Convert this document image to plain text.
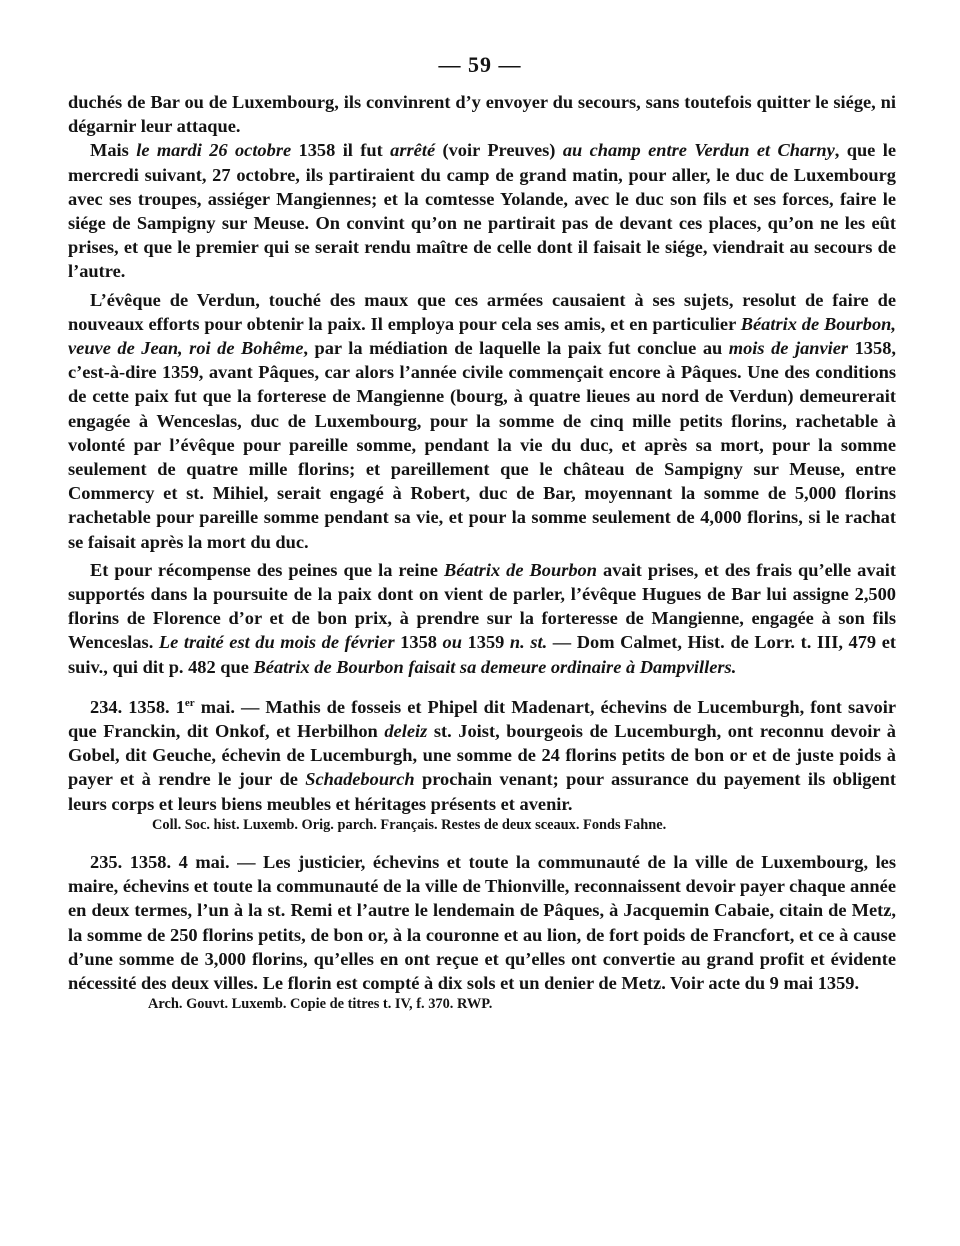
— 59 —

duchés de Bar ou de Luxembourg, ils convinrent d’y envoyer du secours, sans toutefois quitter le siége, ni dégarnir leur attaque.

Mais le mardi 26 octobre 1358 il fut arrêté (voir Preuves) au champ entre Verdun et Charny, que le mercredi suivant, 27 octobre, ils partiraient du camp de grand matin, pour aller, le duc de Luxembourg avec ses troupes, assiéger Mangiennes; et la comtesse Yolande, avec le duc son fils et ses forces, faire le siége de Sampigny sur Meuse. On convint qu’on ne partirait pas de devant ces places, qu’on ne les eût prises, et que le premier qui se serait rendu maître de celle dont il faisait le siége, viendrait au secours de l’autre.

L’évêque de Verdun, touché des maux que ces armées causaient à ses sujets, resolut de faire de nouveaux efforts pour obtenir la paix. Il employa pour cela ses amis, et en particulier Béatrix de Bourbon, veuve de Jean, roi de Bohême, par la médiation de laquelle la paix fut conclue au mois de janvier 1358, c’est-à-dire 1359, avant Pâques, car alors l’année civile commençait encore à Pâques. Une des conditions de cette paix fut que la forterese de Mangienne (bourg, à quatre lieues au nord de Verdun) demeurerait engagée à Wenceslas, duc de Luxembourg, pour la somme de cinq mille petits florins, rachetable à volonté par l’évêque pour pareille somme, pendant la vie du duc, et après sa mort, pour la somme seulement de quatre mille florins; et pareillement que le château de Sampigny sur Meuse, entre Commercy et st. Mihiel, serait engagé à Robert, duc de Bar, moyennant la somme de 5,000 florins rachetable pour pareille somme pendant sa vie, et pour la somme seulement de 4,000 florins, si le rachat se faisait après la mort du duc.

Et pour récompense des peines que la reine Béatrix de Bourbon avait prises, et des frais qu’elle avait supportés dans la poursuite de la paix dont on vient de parler, l’évêque Hugues de Bar lui assigne 2,500 florins de Florence d’or et de bon prix, à prendre sur la forteresse de Mangienne, engagée à son fils Wenceslas. Le traité est du mois de février 1358 ou 1359 n. st. — Dom Calmet, Hist. de Lorr. t. III, 479 et suiv., qui dit p. 482 que Béatrix de Bourbon faisait sa demeure ordinaire à Dampvillers.

234. 1358. 1er mai. — Mathis de fosseis et Phipel dit Madenart, échevins de Lucemburgh, font savoir que Franckin, dit Onkof, et Herbilhon deleiz st. Joist, bourgeois de Lucemburgh, ont reconnu devoir à Gobel, dit Geuche, échevin de Lucemburgh, une somme de 24 florins petits de bon or et de juste poids à payer et à rendre le jour de Schadebourch prochain venant; pour assurance du payement ils obligent leurs corps et leurs biens meubles et héritages présents et avenir.

Coll. Soc. hist. Luxemb. Orig. parch. Français. Restes de deux sceaux. Fonds Fahne.

235. 1358. 4 mai. — Les justicier, échevins et toute la communauté de la ville de Luxembourg, les maire, échevins et toute la communauté de la ville de Thionville, reconnaissent devoir payer chaque année en deux termes, l’un à la st. Remi et l’autre le lendemain de Pâques, à Jacquemin Cabaie, citain de Metz, la somme de 250 florins petits, de bon or, à la couronne et au lion, de fort poids de Francfort, et ce à cause d’une somme de 3,000 florins, qu’elles en ont reçue et qu’elles ont convertie au grand profit et évidente nécessité des deux villes. Le florin est compté à dix sols et un denier de Metz. Voir acte du 9 mai 1359.

Arch. Gouvt. Luxemb. Copie de titres t. IV, f. 370. RWP.
